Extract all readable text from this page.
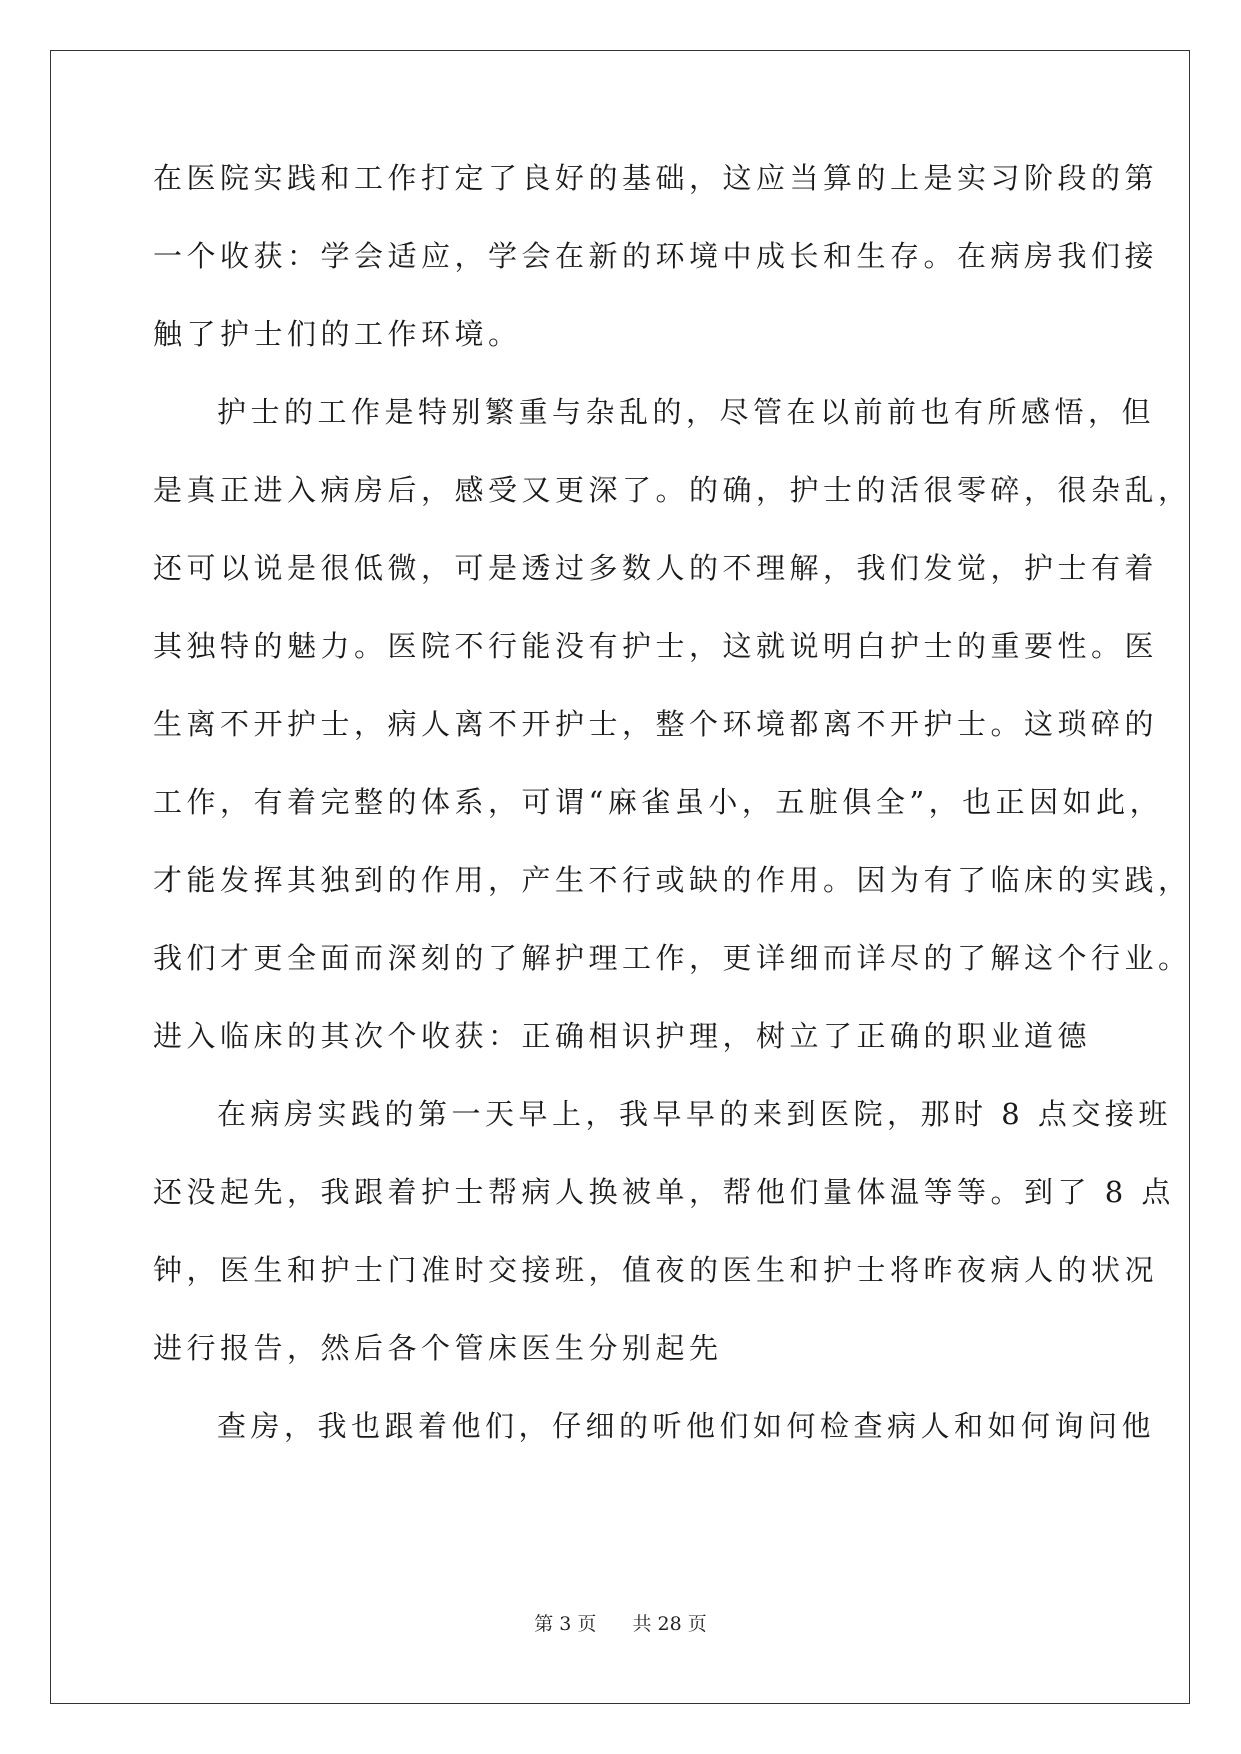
在医院实践和工作打定了良好的基础，这应当算的上是实习阶段的第
一个收获：学会适应，学会在新的环境中成长和生存。在病房我们接
触了护士们的工作环境。
护士的工作是特别繁重与杂乱的，尽管在以前前也有所感悟，但
是真正进入病房后，感受又更深了。的确，护士的活很零碎，很杂乱，
还可以说是很低微，可是透过多数人的不理解，我们发觉，护士有着
其独特的魅力。医院不行能没有护士，这就说明白护士的重要性。医
生离不开护士，病人离不开护士，整个环境都离不开护士。这琐碎的
工作，有着完整的体系，可谓“麻雀虽小，五脏俱全”，也正因如此，
才能发挥其独到的作用，产生不行或缺的作用。因为有了临床的实践，
我们才更全面而深刻的了解护理工作，更详细而详尽的了解这个行业。
进入临床的其次个收获：正确相识护理，树立了正确的职业道德
在病房实践的第一天早上，我早早的来到医院，那时 8 点交接班
还没起先，我跟着护士帮病人换被单，帮他们量体温等等。到了 8 点
钟，医生和护士门准时交接班，值夜的医生和护士将昨夜病人的状况
进行报告，然后各个管床医生分别起先
查房，我也跟着他们，仔细的听他们如何检查病人和如何询问他
第 3 页 共 28 页
